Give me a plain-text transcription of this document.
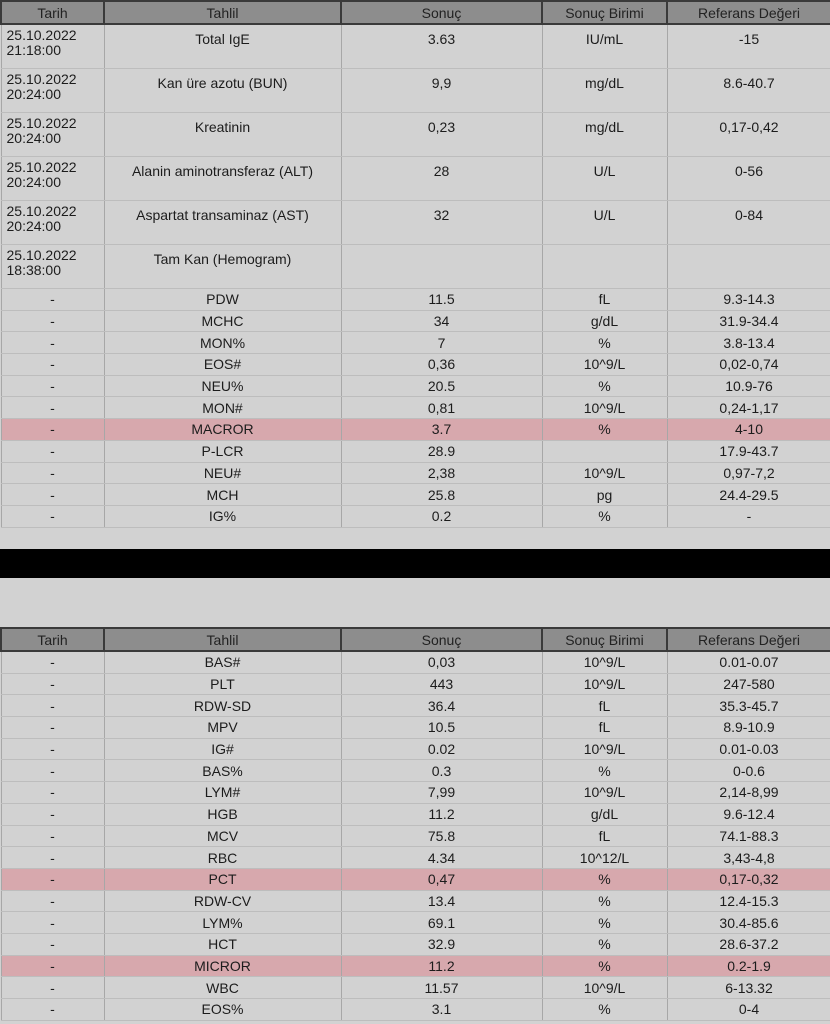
Tarih	Tahlil	Sonuç	Sonuç Birimi	Referans Değeri

25.10.2022
21:18:00	Total IgE	3.63	IU/mL	-15

25.10.2022
20:24:00	Kan üre azotu (BUN)	9,9	mg/dL	8.6-40.7

25.10.2022
20:24:00	Kreatinin	0,23	mg/dL	0,17-0,42

25.10.2022
20:24:00	Alanin aminotransferaz (ALT)	28	U/L	0-56

25.10.2022
20:24:00	Aspartat transaminaz (AST)	32	U/L	0-84

25.10.2022
18:38:00	Tam Kan (Hemogram)			
-	PDW	11.5	fL	9.3-14.3
-	MCHC	34	g/dL	31.9-34.4
-	MON%	7	%	3.8-13.4
-	EOS#	0,36	10^9/L	0,02-0,74
-	NEU%	20.5	%	10.9-76
-	MON#	0,81	10^9/L	0,24-1,17
-	MACROR	3.7	%	4-10
-	P-LCR	28.9		17.9-43.7
-	NEU#	2,38	10^9/L	0,97-7,2
-	MCH	25.8	pg	24.4-29.5
-	IG%	0.2	%	-
Tarih	Tahlil	Sonuç	Sonuç Birimi	Referans Değeri
-	BAS#	0,03	10^9/L	0.01-0.07
-	PLT	443	10^9/L	247-580
-	RDW-SD	36.4	fL	35.3-45.7
-	MPV	10.5	fL	8.9-10.9
-	IG#	0.02	10^9/L	0.01-0.03
-	BAS%	0.3	%	0-0.6
-	LYM#	7,99	10^9/L	2,14-8,99
-	HGB	11.2	g/dL	9.6-12.4
-	MCV	75.8	fL	74.1-88.3
-	RBC	4.34	10^12/L	3,43-4,8
-	PCT	0,47	%	0,17-0,32
-	RDW-CV	13.4	%	12.4-15.3
-	LYM%	69.1	%	30.4-85.6
-	HCT	32.9	%	28.6-37.2
-	MICROR	11.2	%	0.2-1.9
-	WBC	11.57	10^9/L	6-13.32
-	EOS%	3.1	%	0-4
